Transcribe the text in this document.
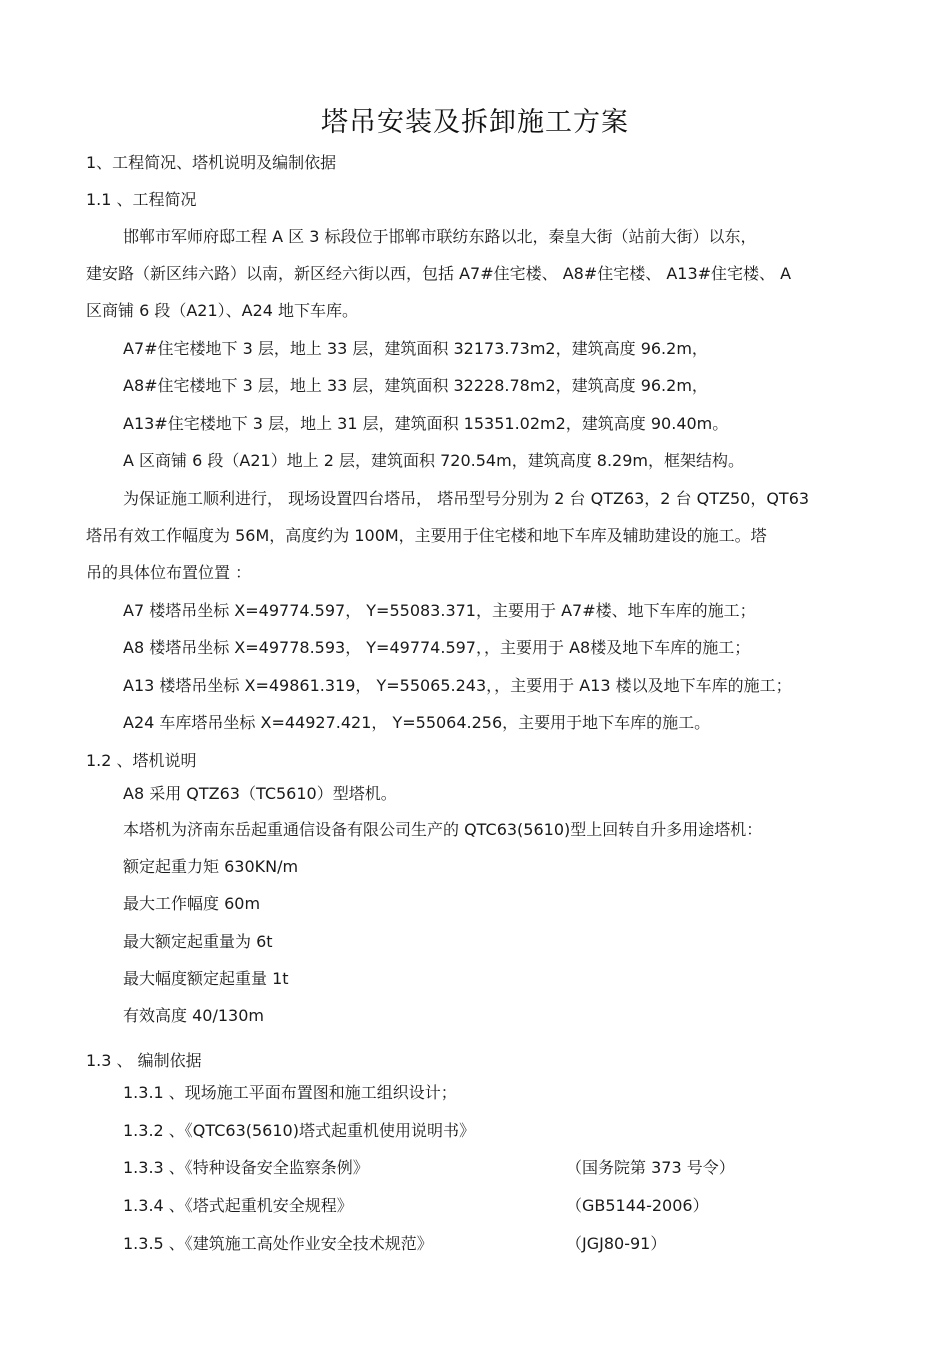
塔吊安装及拆卸施工方案
1、工程简况、塔机说明及编制依据
1.1 、工程简况
邯郸市军师府邸工程 A 区 3 标段位于邯郸市联纺东路以北，秦皇大街（站前大街）以东，
建安路（新区纬六路）以南，新区经六街以西，包括 A7#住宅楼、 A8#住宅楼、 A13#住宅楼、 A
区商铺 6 段（A21）、A24 地下车库。
A7#住宅楼地下 3 层，地上 33 层，建筑面积 32173.73m2，建筑高度 96.2m，
A8#住宅楼地下 3 层，地上 33 层，建筑面积 32228.78m2，建筑高度 96.2m，
A13#住宅楼地下 3 层，地上 31 层，建筑面积 15351.02m2，建筑高度 90.40m。
A 区商铺 6 段（A21）地上 2 层，建筑面积 720.54m，建筑高度 8.29m，框架结构。
为保证施工顺利进行， 现场设置四台塔吊， 塔吊型号分别为 2 台 QTZ63，2 台 QTZ50，QT63
塔吊有效工作幅度为 56M，高度约为 100M，主要用于住宅楼和地下车库及辅助建设的施工。塔
吊的具体位布置位置 ：
A7 楼塔吊坐标 X=49774.597， Y=55083.371，主要用于 A7#楼、地下车库的施工；
A8 楼塔吊坐标 X=49778.593， Y=49774.597，，主要用于 A8楼及地下车库的施工；
A13 楼塔吊坐标 X=49861.319， Y=55065.243，，主要用于 A13 楼以及地下车库的施工；
A24 车库塔吊坐标 X=44927.421， Y=55064.256，主要用于地下车库的施工。
1.2 、塔机说明
A8 采用 QTZ63（TC5610）型塔机。
本塔机为济南东岳起重通信设备有限公司生产的 QTC63(5610)型上回转自升多用途塔机：
额定起重力矩 630KN/m
最大工作幅度 60m
最大额定起重量为 6t
最大幅度额定起重量 1t
有效高度 40/130m
1.3 、 编制依据
1.3.1 、现场施工平面布置图和施工组织设计；
1.3.2 、《QTC63(5610)塔式起重机使用说明书》
1.3.3 、《特种设备安全监察条例》	（国务院第 373 号令）
1.3.4 、《塔式起重机安全规程》	（GB5144-2006）
1.3.5 、《建筑施工高处作业安全技术规范》	（JGJ80-91）
